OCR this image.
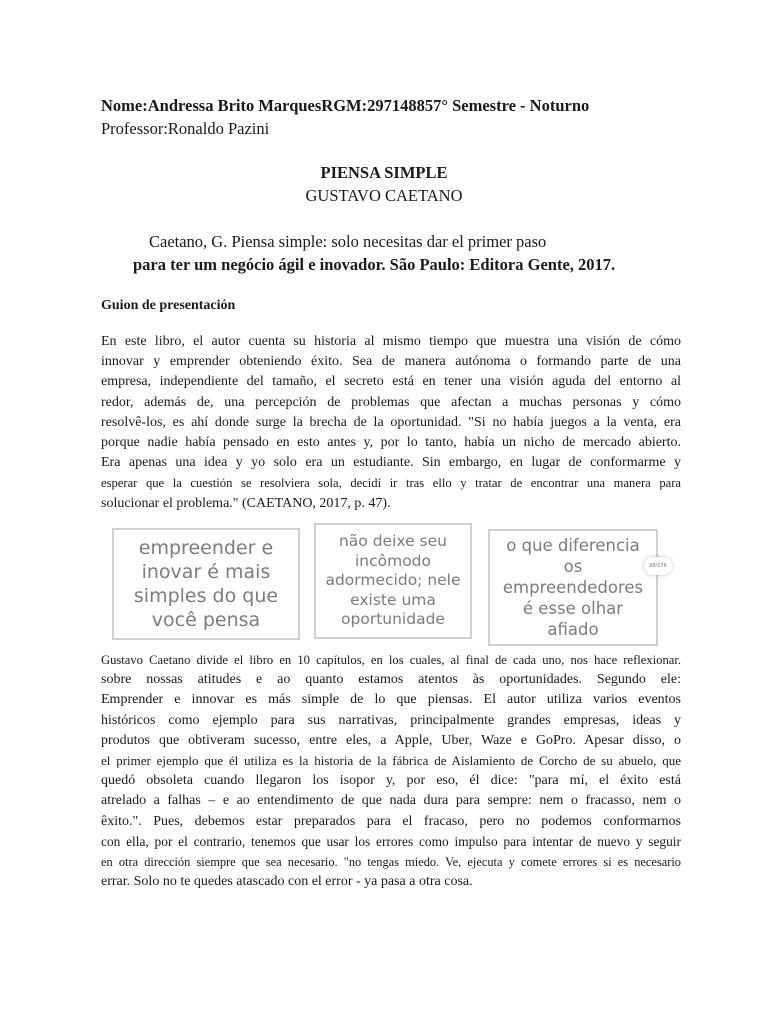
Nome:Andressa Brito MarquesRGM:297148857° Semestre - Noturno
Professor:Ronaldo Pazini
PIENSA SIMPLE
GUSTAVO CAETANO
Caetano, G. Piensa simple: solo necesitas dar el primer paso
para ter um negócio ágil e inovador. São Paulo: Editora Gente, 2017.
Guion de presentación
En este libro, el autor cuenta su historia al mismo tiempo que muestra una visión de cómo
innovar y emprender obteniendo éxito. Sea de manera autónoma o formando parte de una
empresa, independiente del tamaño, el secreto está en tener una visión aguda del entorno al
redor, además de, una percepción de problemas que afectan a muchas personas y cómo
resolvê-los, es ahí donde surge la brecha de la oportunidad. "Si no había juegos a la venta, era
porque nadie había pensado en esto antes y, por lo tanto, había un nicho de mercado abierto.
Era apenas una idea y yo solo era un estudiante. Sin embargo, en lugar de conformarme y
esperar que la cuestión se resolviera sola, decidí ir tras ello y tratar de encontrar una manera para
solucionar el problema." (CAETANO, 2017, p. 47).
empreender e
inovar é mais
simples do que
você pensa
não deixe seu
incômodo
adormecido; nele
existe uma
oportunidade
o que diferencia
os
empreendedores
é esse olhar
afiado
99/176
Gustavo Caetano divide el libro en 10 capítulos, en los cuales, al final de cada uno, nos hace reflexionar.
sobre nossas atitudes e ao quanto estamos atentos às oportunidades. Segundo ele:
Emprender e innovar es más simple de lo que piensas. El autor utiliza varios eventos
históricos como ejemplo para sus narrativas, principalmente grandes empresas, ideas y
produtos que obtiveram sucesso, entre eles, a Apple, Uber, Waze e GoPro. Apesar disso, o
el primer ejemplo que él utiliza es la historia de la fábrica de Aislamiento de Corcho de su abuelo, que
quedó obsoleta cuando llegaron los isopor y, por eso, él dice: "para mí, el éxito está
atrelado a falhas – e ao entendimento de que nada dura para sempre: nem o fracasso, nem o
êxito.". Pues, debemos estar preparados para el fracaso, pero no podemos conformarnos
con ella, por el contrario, tenemos que usar los errores como impulso para intentar de nuevo y seguir
en otra dirección siempre que sea necesario. "no tengas miedo. Ve, ejecuta y comete errores si es necesario
errar. Solo no te quedes atascado con el error - ya pasa a otra cosa.
